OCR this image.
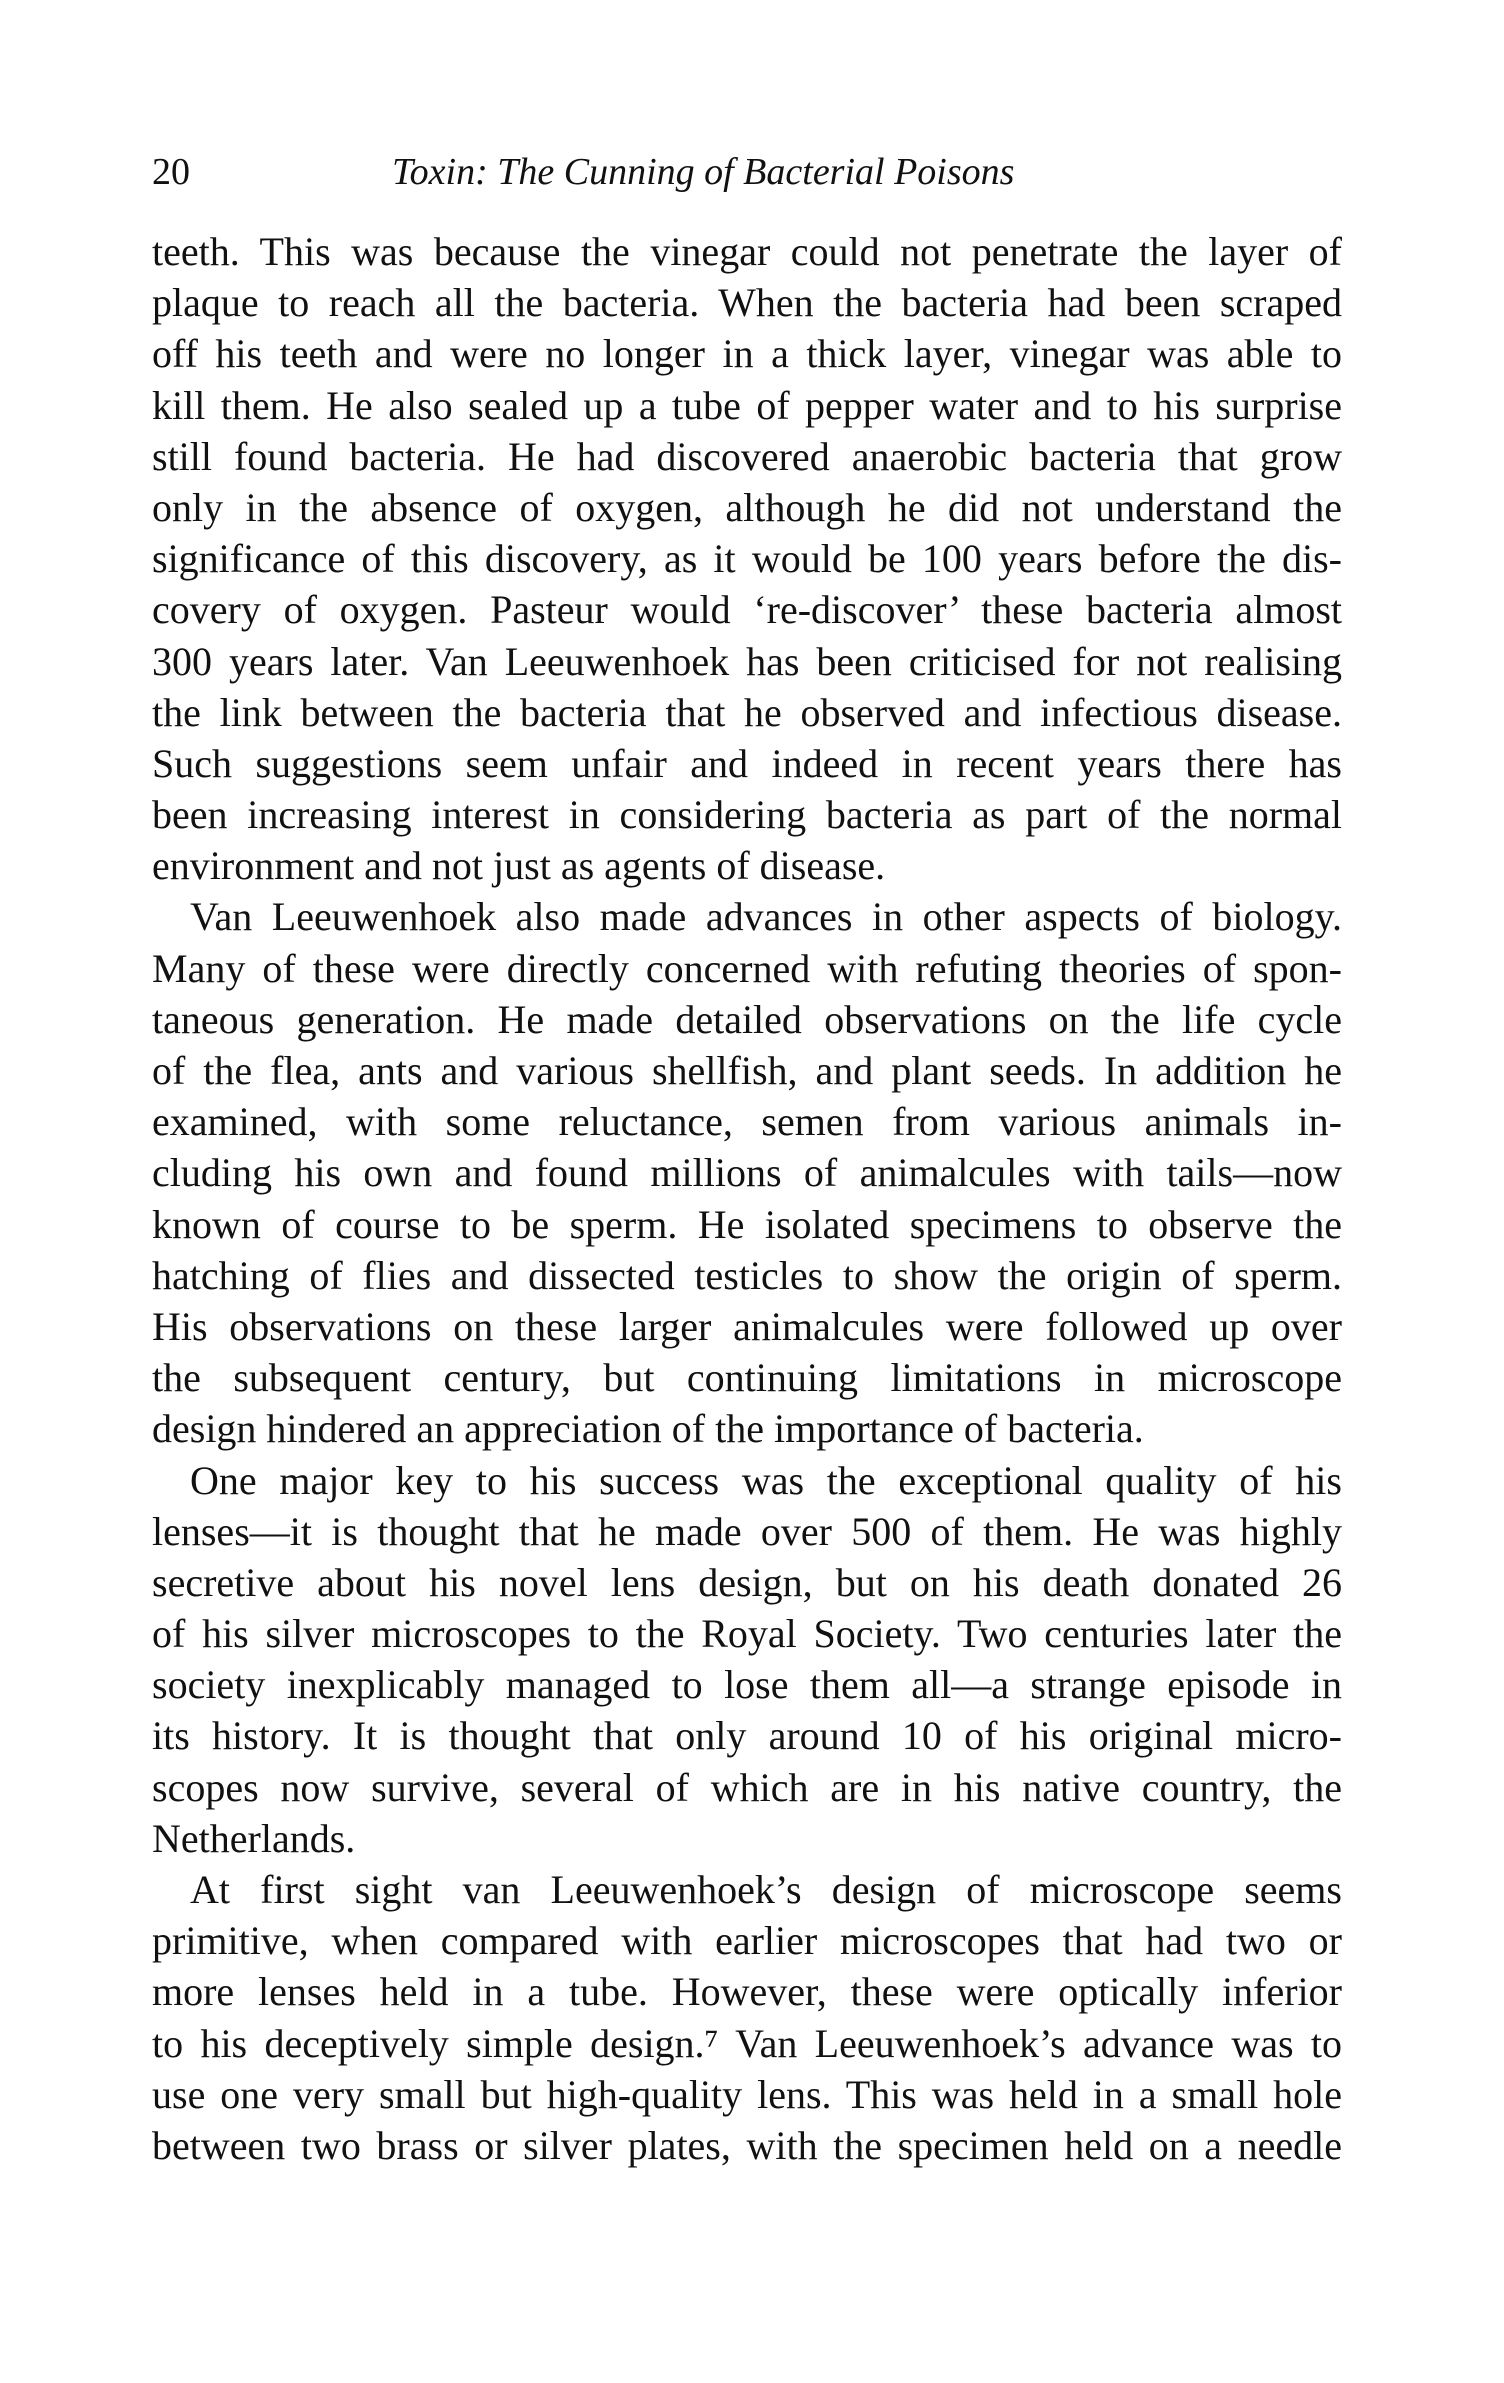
20	Toxin: The Cunning of Bacterial Poisons
teeth. This was because the vinegar could not penetrate the layer of
plaque to reach all the bacteria. When the bacteria had been scraped
off his teeth and were no longer in a thick layer, vinegar was able to
kill them. He also sealed up a tube of pepper water and to his surprise
still found bacteria. He had discovered anaerobic bacteria that grow
only in the absence of oxygen, although he did not understand the
significance of this discovery, as it would be 100 years before the dis-
covery of oxygen. Pasteur would ‘re-discover’ these bacteria almost
300 years later. Van Leeuwenhoek has been criticised for not realising
the link between the bacteria that he observed and infectious disease.
Such suggestions seem unfair and indeed in recent years there has
been increasing interest in considering bacteria as part of the normal
environment and not just as agents of disease.
Van Leeuwenhoek also made advances in other aspects of biology.
Many of these were directly concerned with refuting theories of spon-
taneous generation. He made detailed observations on the life cycle
of the flea, ants and various shellfish, and plant seeds. In addition he
examined, with some reluctance, semen from various animals in-
cluding his own and found millions of animalcules with tails—now
known of course to be sperm. He isolated specimens to observe the
hatching of flies and dissected testicles to show the origin of sperm.
His observations on these larger animalcules were followed up over
the subsequent century, but continuing limitations in microscope
design hindered an appreciation of the importance of bacteria.
One major key to his success was the exceptional quality of his
lenses—it is thought that he made over 500 of them. He was highly
secretive about his novel lens design, but on his death donated 26
of his silver microscopes to the Royal Society. Two centuries later the
society inexplicably managed to lose them all—a strange episode in
its history. It is thought that only around 10 of his original micro-
scopes now survive, several of which are in his native country, the
Netherlands.
At first sight van Leeuwenhoek’s design of microscope seems
primitive, when compared with earlier microscopes that had two or
more lenses held in a tube. However, these were optically inferior
to his deceptively simple design.⁷ Van Leeuwenhoek’s advance was to
use one very small but high-quality lens. This was held in a small hole
between two brass or silver plates, with the specimen held on a needle
